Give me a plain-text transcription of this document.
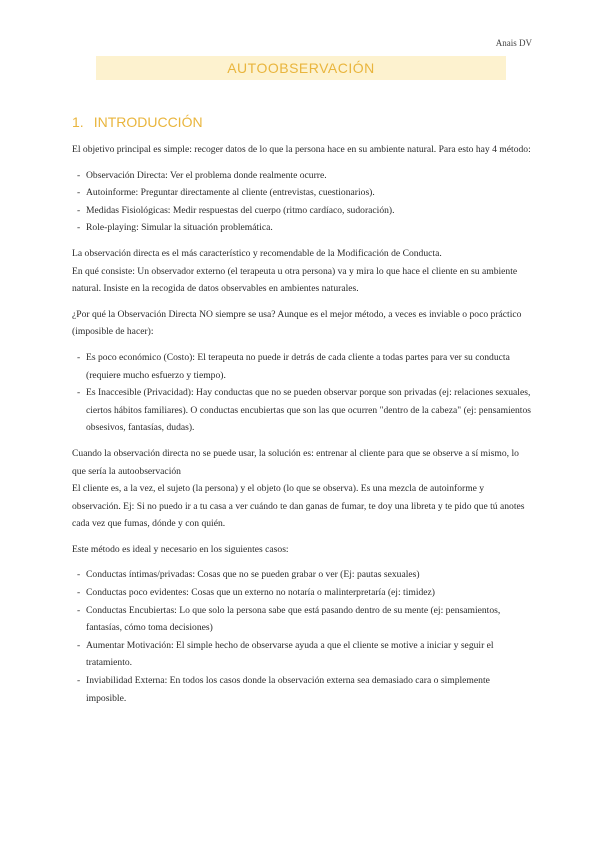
Anais DV
AUTOOBSERVACIÓN
1. INTRODUCCIÓN

El objetivo principal es simple: recoger datos de lo que la persona hace en su ambiente natural. Para esto hay 4 método:

- Observación Directa: Ver el problema donde realmente ocurre.
- Autoinforme: Preguntar directamente al cliente (entrevistas, cuestionarios).
- Medidas Fisiológicas: Medir respuestas del cuerpo (ritmo cardíaco, sudoración).
- Role-playing: Simular la situación problemática.

La observación directa es el más característico y recomendable de la Modificación de Conducta.
En qué consiste: Un observador externo (el terapeuta u otra persona) va y mira lo que hace el cliente en su ambiente natural. Insiste en la recogida de datos observables en ambientes naturales.

¿Por qué la Observación Directa NO siempre se usa? Aunque es el mejor método, a veces es inviable o poco práctico (imposible de hacer):

- Es poco económico (Costo): El terapeuta no puede ir detrás de cada cliente a todas partes para ver su conducta (requiere mucho esfuerzo y tiempo).
- Es Inaccesible (Privacidad): Hay conductas que no se pueden observar porque son privadas (ej: relaciones sexuales, ciertos hábitos familiares). O conductas encubiertas que son las que ocurren "dentro de la cabeza" (ej: pensamientos obsesivos, fantasías, dudas).

Cuando la observación directa no se puede usar, la solución es: entrenar al cliente para que se observe a sí mismo, lo que sería la autoobservación
El cliente es, a la vez, el sujeto (la persona) y el objeto (lo que se observa). Es una mezcla de autoinforme y observación. Ej: Si no puedo ir a tu casa a ver cuándo te dan ganas de fumar, te doy una libreta y te pido que tú anotes cada vez que fumas, dónde y con quién.

Este método es ideal y necesario en los siguientes casos:

- Conductas íntimas/privadas: Cosas que no se pueden grabar o ver (Ej: pautas sexuales)
- Conductas poco evidentes: Cosas que un externo no notaría o malinterpretaría (ej: timidez)
- Conductas Encubiertas: Lo que solo la persona sabe que está pasando dentro de su mente (ej: pensamientos, fantasías, cómo toma decisiones)
- Aumentar Motivación: El simple hecho de observarse ayuda a que el cliente se motive a iniciar y seguir el tratamiento.
- Inviabilidad Externa: En todos los casos donde la observación externa sea demasiado cara o simplemente imposible.
